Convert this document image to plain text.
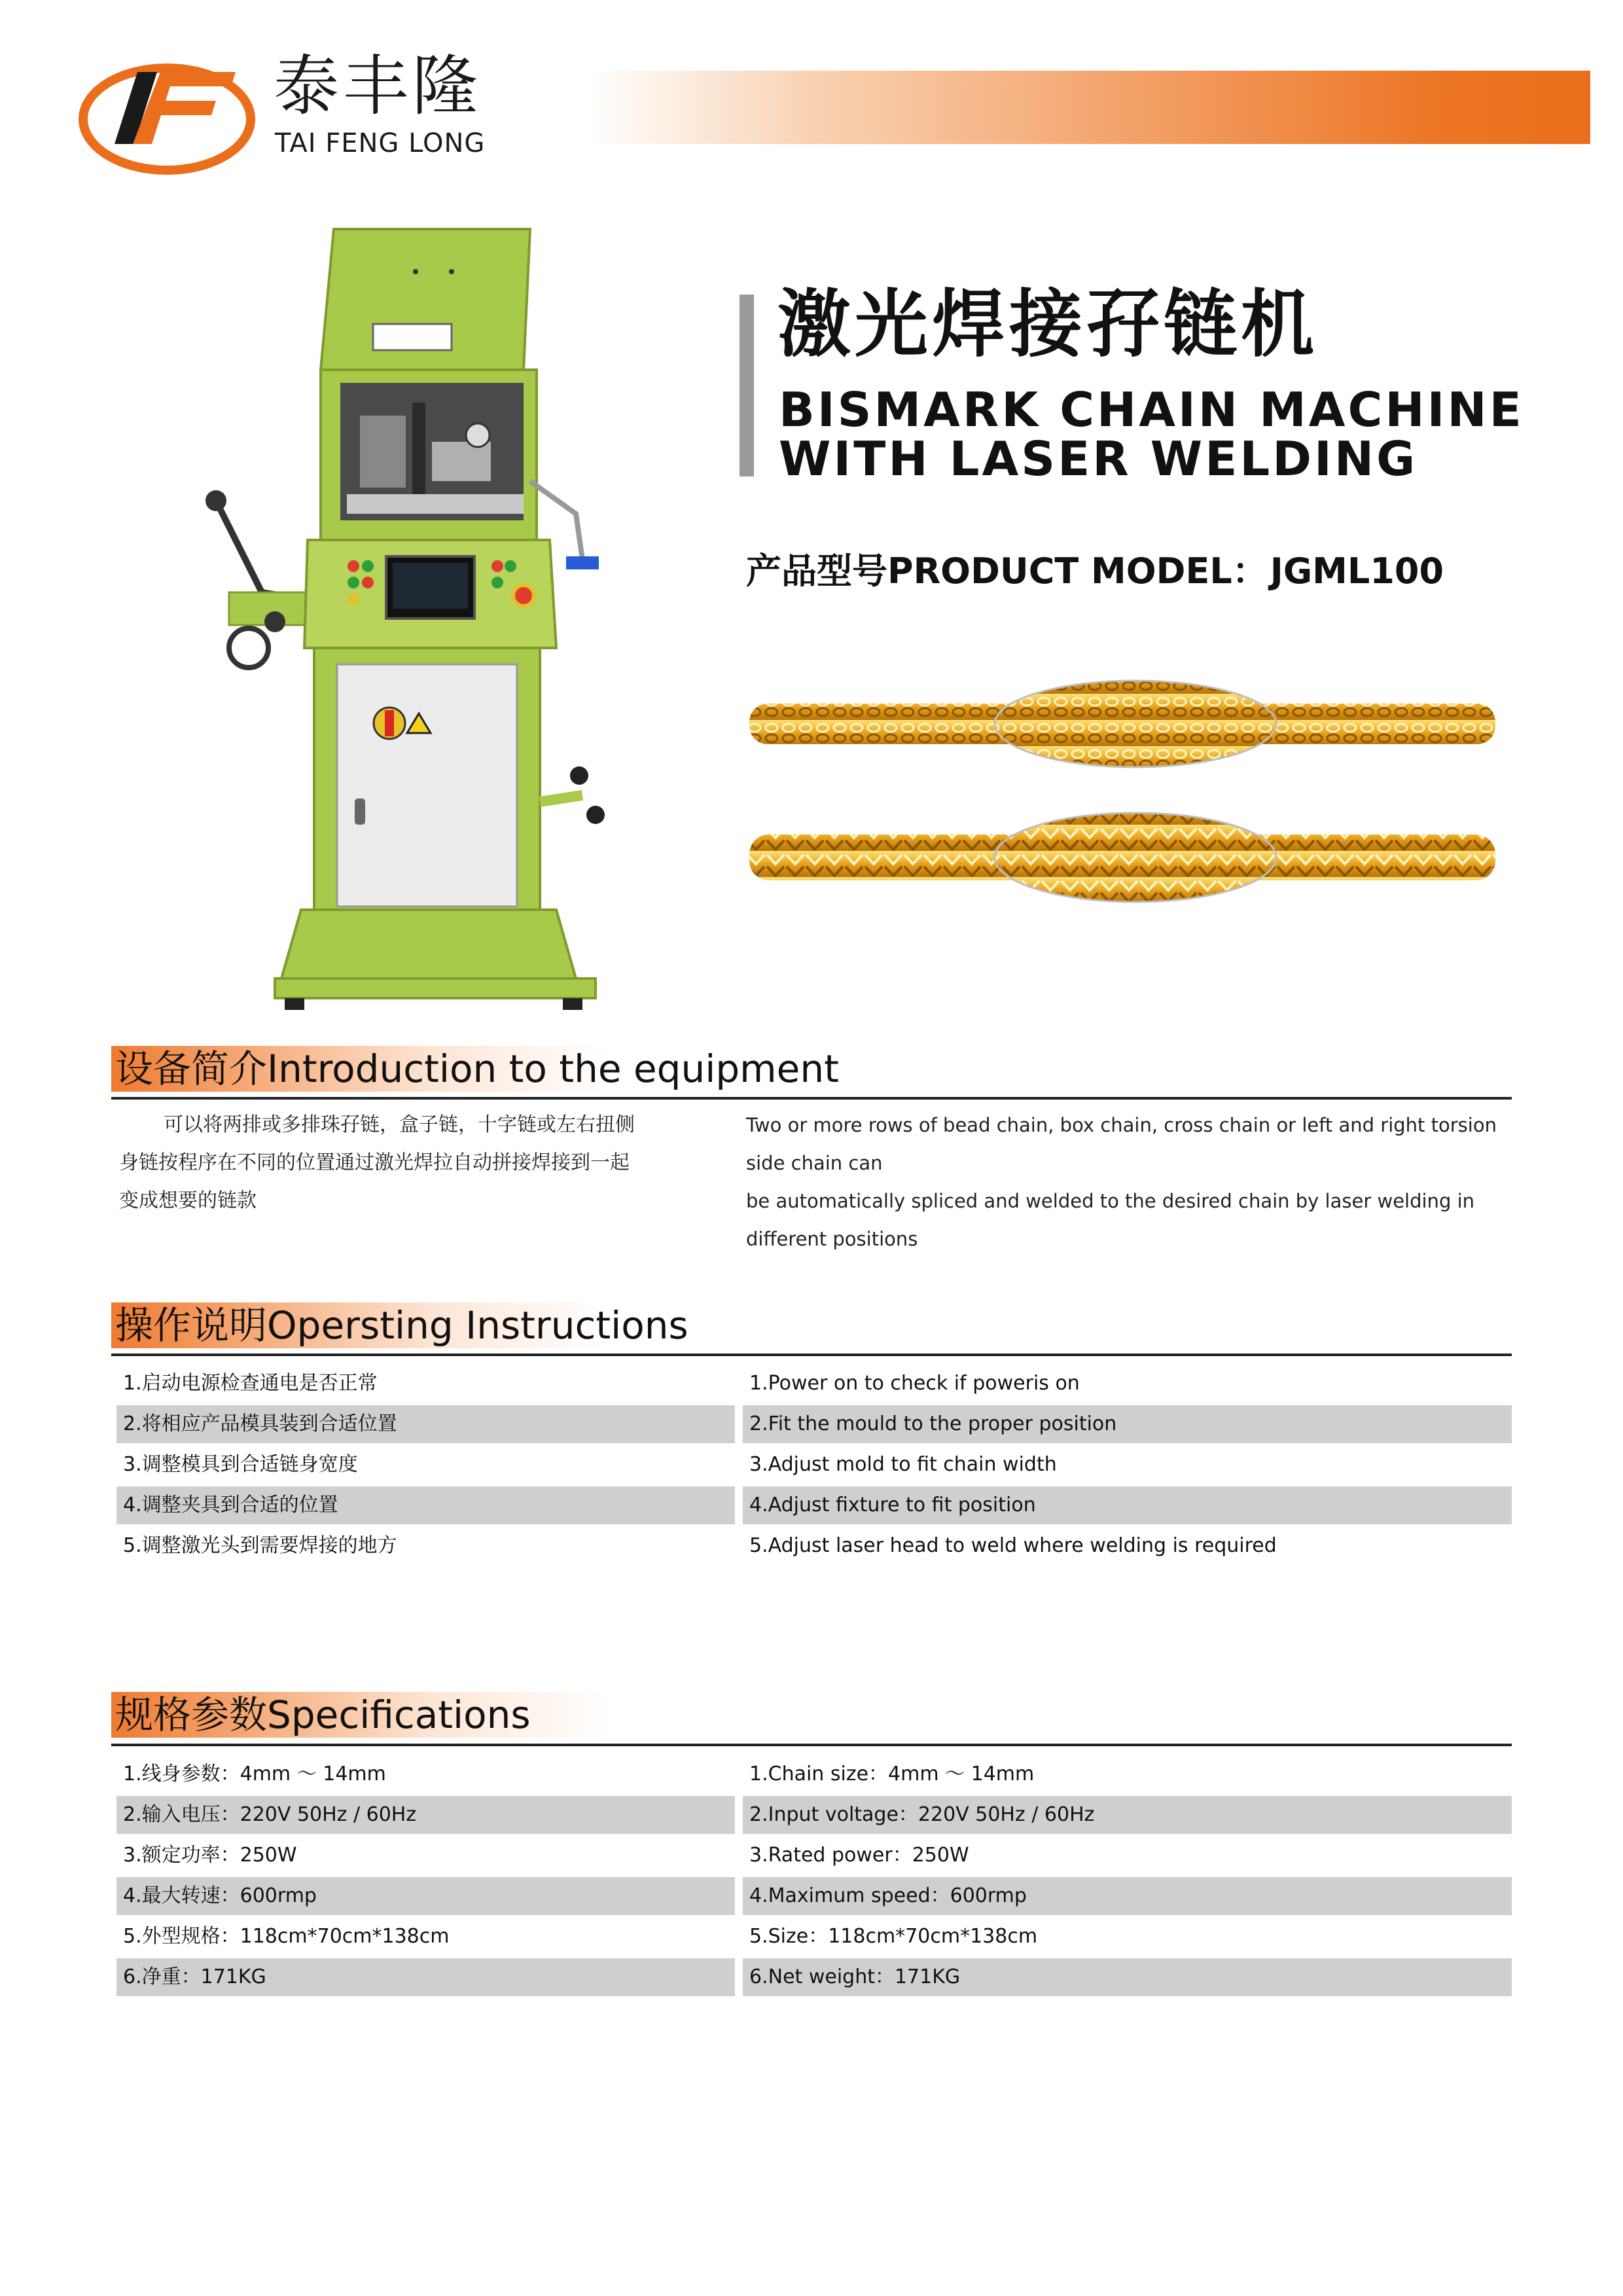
泰丰隆
TAI FENG LONG
激光焊接孖链机
BISMARK CHAIN MACHINE
WITH LASER WELDING
产品型号PRODUCT MODEL：JGML100
设备简介Introduction to the equipment
可以将两排或多排珠孖链，盒子链，十字链或左右扭侧
身链按程序在不同的位置通过激光焊拉自动拼接焊接到一起
变成想要的链款
Two or more rows of bead chain, box chain, cross chain or left and right torsion side chain can
be automatically spliced and welded to the desired chain by laser welding in different positions
操作说明Opersting Instructions
1.启动电源检查通电是否正常	1.Power on to check if poweris on
2.将相应产品模具装到合适位置	2.Fit the mould to the proper position
3.调整模具到合适链身宽度	3.Adjust mold to fit chain width
4.调整夹具到合适的位置	4.Adjust fixture to fit position
5.调整激光头到需要焊接的地方	5.Adjust laser head to weld where welding is required
规格参数Specifications
1.线身参数：4mm ～ 14mm	1.Chain size：4mm ～ 14mm
2.输入电压：220V 50Hz / 60Hz	2.Input voltage：220V 50Hz / 60Hz
3.额定功率：250W	3.Rated power：250W
4.最大转速：600rmp	4.Maximum speed：600rmp
5.外型规格：118cm*70cm*138cm	5.Size：118cm*70cm*138cm
6.净重：171KG	6.Net weight：171KG
